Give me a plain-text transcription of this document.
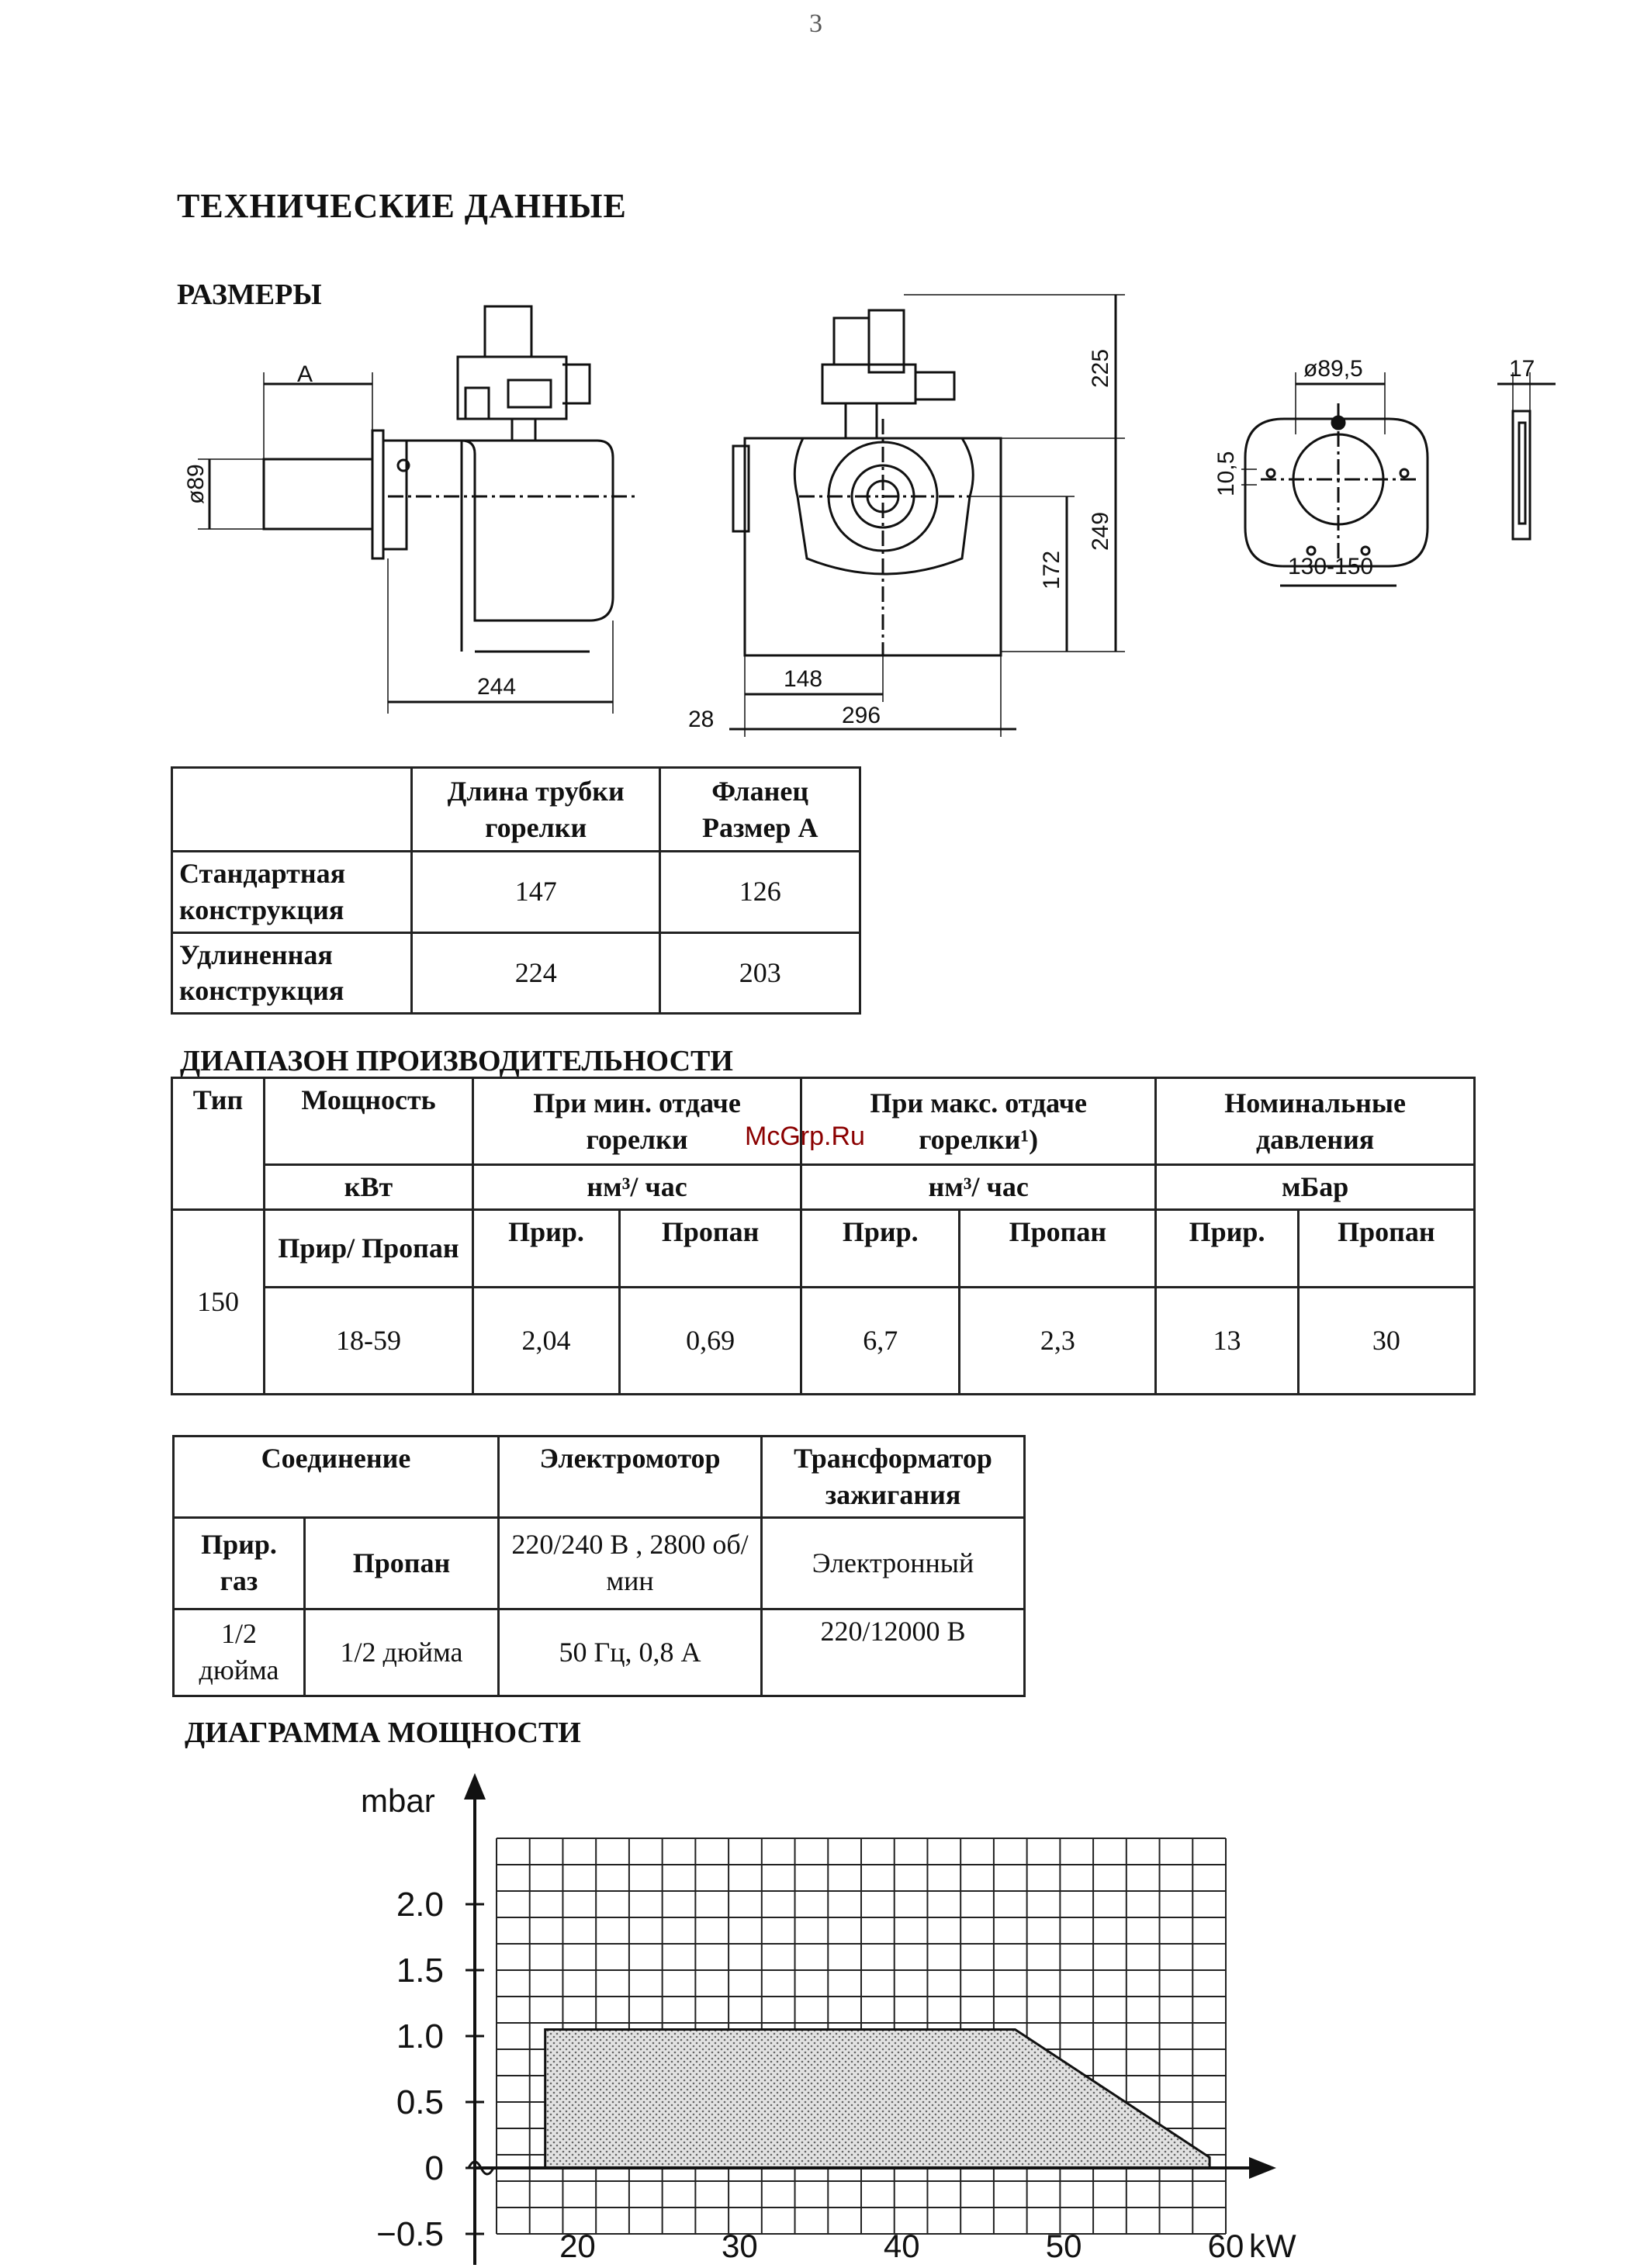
3
ТЕХНИЧЕСКИЕ ДАННЫЕ
РАЗМЕРЫ
A
ø89
244
225
249
172
148
296
28
ø89,5
10,5
130-150
17
	Длина трубки горелки	Фланец Размер A
Стандартная конструкция	147	126
Удлиненная конструкция	224	203
ДИАПАЗОН ПРОИЗВОДИТЕЛЬНОСТИ
McGrp.Ru
Тип	Мощность	При мин. отдаче горелки		При макс. отдаче горелки¹)		Номинальные давления	
	кВт	нм³/ час		нм³/ час		мБар	
150	Прир/ Пропан	Прир.	Пропан	Прир.	Пропан	Прир.	Пропан
	18-59	2,04	0,69	6,7	2,3	13	30
Соединение		Электромотор	Трансформатор зажигания
Прир. газ	Пропан	220/240 В , 2800 об/ мин	Электронный
1/2 дюйма	1/2 дюйма	50 Гц, 0,8 А	220/12000 В
ДИАГРАММА МОЩНОСТИ
2.0
1.5
1.0
0.5
0
−0.5	20	30	40	50	60
mbar
kW
